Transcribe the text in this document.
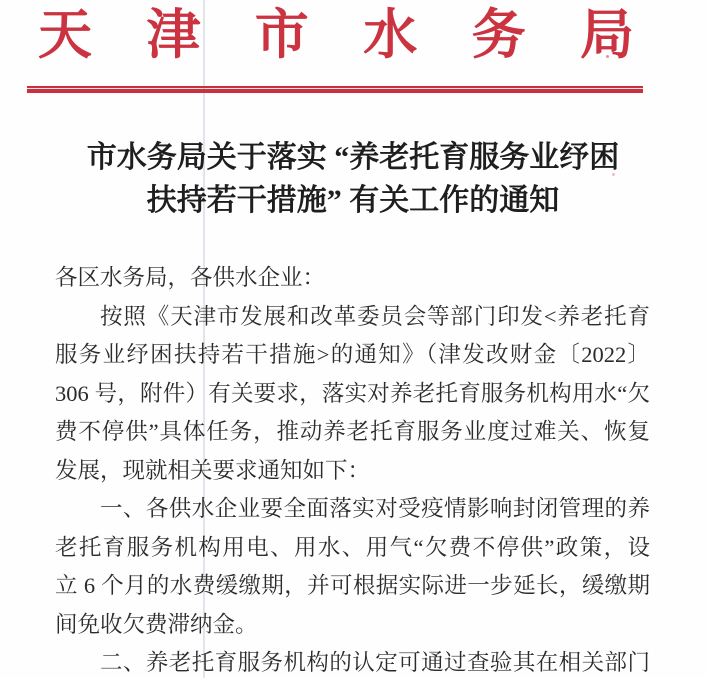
天 津 市 水 务 局
市水务局关于落实 “养老托育服务业纾困
扶持若干措施” 有关工作的通知
各区水务局，各供水企业：
按照《天津市发展和改革委员会等部门印发<养老托育
服务业纾困扶持若干措施>的通知》（津发改财金〔2022〕
306 号，附件）有关要求，落实对养老托育服务机构用水“欠
费不停供”具体任务，推动养老托育服务业度过难关、恢复
发展，现就相关要求通知如下：
一、各供水企业要全面落实对受疫情影响封闭管理的养
老托育服务机构用电、用水、用气“欠费不停供”政策，设
立 6 个月的水费缓缴期，并可根据实际进一步延长，缓缴期
间免收欠费滞纳金。
二、养老托育服务机构的认定可通过查验其在相关部门
